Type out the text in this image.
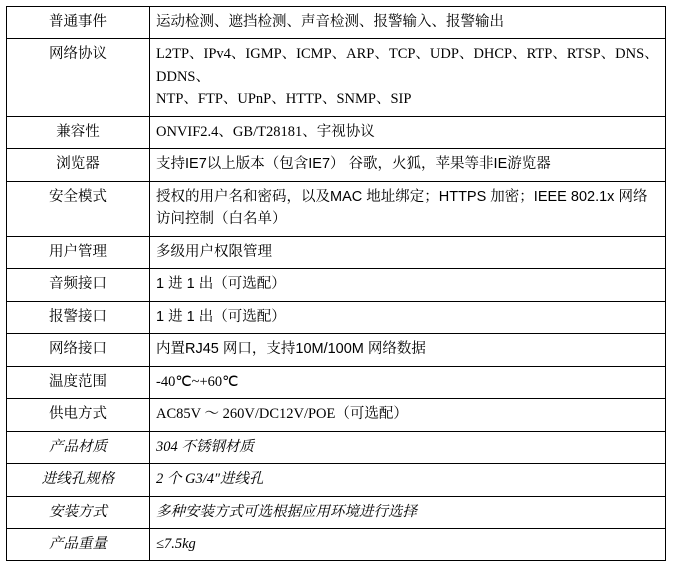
普通事件	运动检测、遮挡检测、声音检测、报警输入、报警输出
网络协议	L2TP、IPv4、IGMP、ICMP、ARP、TCP、UDP、DHCP、RTP、RTSP、DNS、DDNS、
NTP、FTP、UPnP、HTTP、SNMP、SIP
兼容性	ONVIF2.4、GB/T28181、宇视协议
浏览器	支持IE7以上版本（包含IE7） 谷歌，火狐，苹果等非IE游览器
安全模式	授权的用户名和密码，以及MAC 地址绑定；HTTPS 加密；IEEE 802.1x 网络访问控制（白名单）
用户管理	多级用户权限管理
音频接口	1 进 1 出（可选配）
报警接口	1 进 1 出（可选配）
网络接口	内置RJ45 网口，支持10M/100M 网络数据
温度范围	-40℃~+60℃
供电方式	AC85V ～ 260V/DC12V/POE（可选配）
产品材质	304 不锈钢材质
进线孔规格	2 个 G3/4″进线孔
安装方式	多种安装方式可选根据应用环境进行选择
产品重量	≤7.5kg
